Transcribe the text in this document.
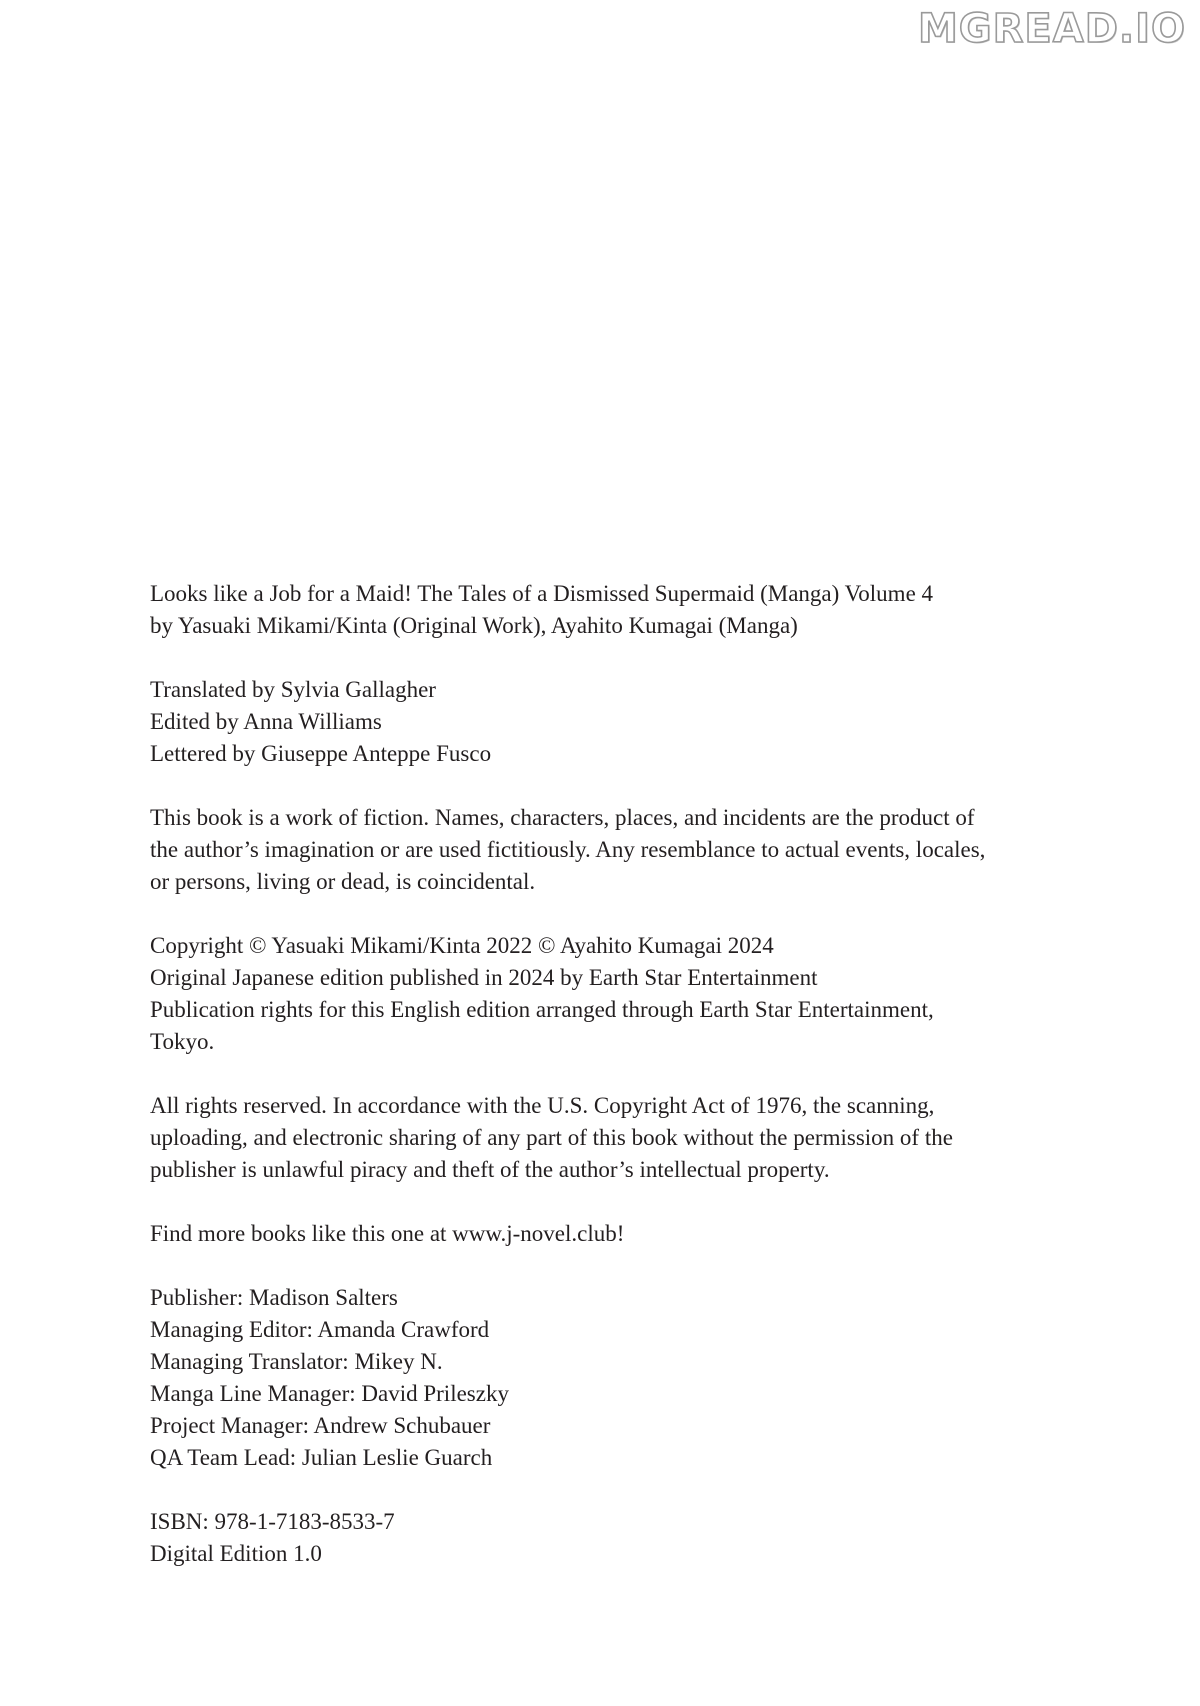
MGREAD.IO
Looks like a Job for a Maid! The Tales of a Dismissed Supermaid (Manga) Volume 4
by Yasuaki Mikami/Kinta (Original Work), Ayahito Kumagai (Manga)
Translated by Sylvia Gallagher
Edited by Anna Williams
Lettered by Giuseppe Anteppe Fusco
This book is a work of fiction. Names, characters, places, and incidents are the product of
the author’s imagination or are used fictitiously. Any resemblance to actual events, locales,
or persons, living or dead, is coincidental.
Copyright © Yasuaki Mikami/Kinta 2022 © Ayahito Kumagai 2024
Original Japanese edition published in 2024 by Earth Star Entertainment
Publication rights for this English edition arranged through Earth Star Entertainment,
Tokyo.
All rights reserved. In accordance with the U.S. Copyright Act of 1976, the scanning,
uploading, and electronic sharing of any part of this book without the permission of the
publisher is unlawful piracy and theft of the author’s intellectual property.
Find more books like this one at www.j-novel.club!
Publisher: Madison Salters
Managing Editor: Amanda Crawford
Managing Translator: Mikey N.
Manga Line Manager: David Prileszky
Project Manager: Andrew Schubauer
QA Team Lead: Julian Leslie Guarch
ISBN: 978-1-7183-8533-7
Digital Edition 1.0
